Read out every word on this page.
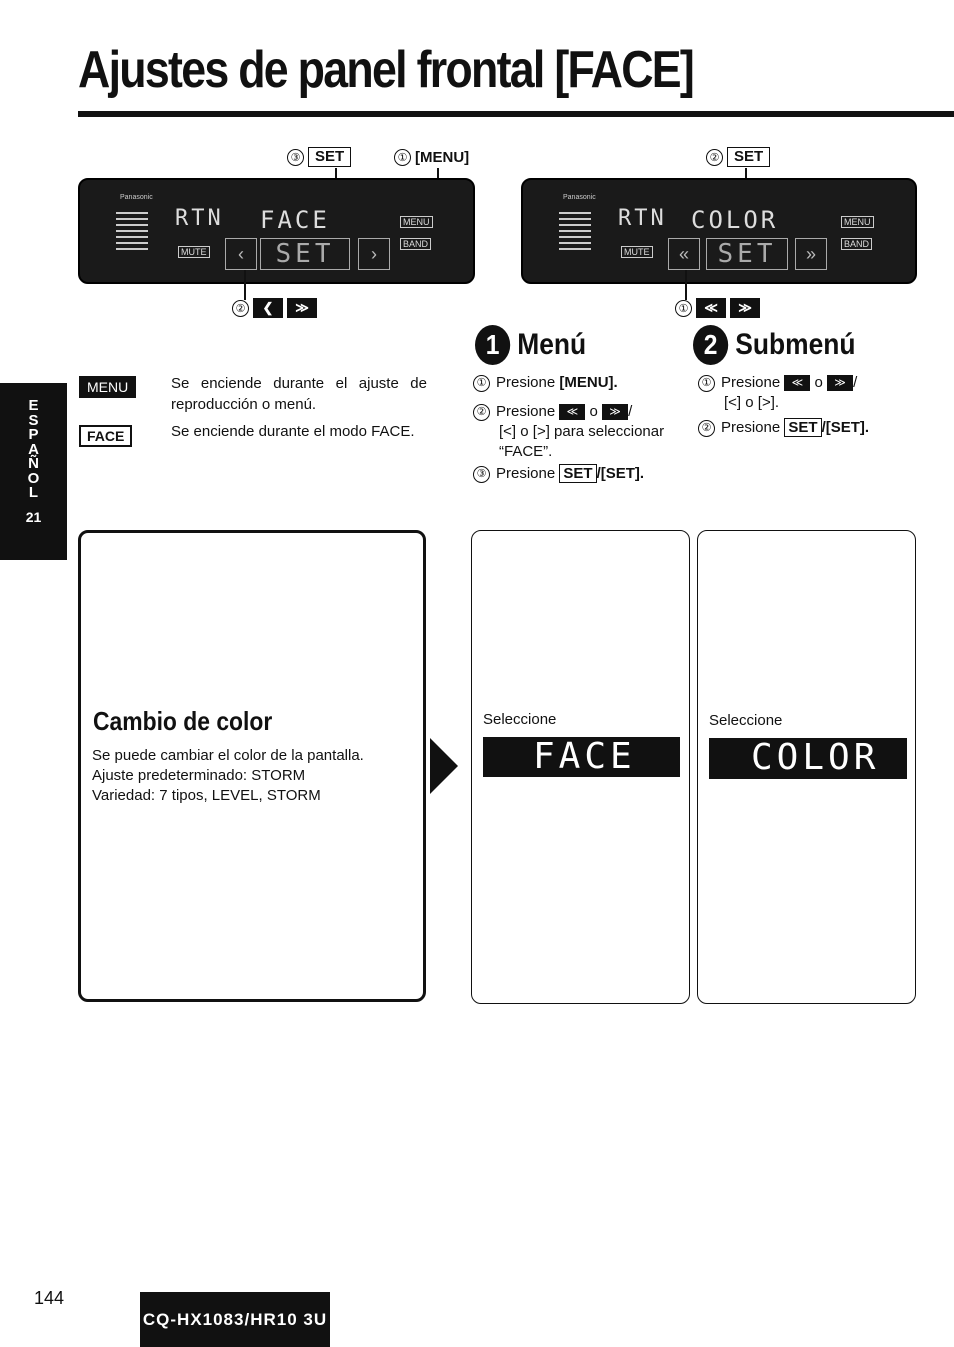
Ajustes de panel frontal [FACE]
E
S
P
A
Ñ
O
L
21
③ SET	① [MENU]
Panasonic
RTN FACE	MENU
BAND
MUTE	‹	SET	›
②	❮	≫
② SET
Panasonic
RTN COLOR	MENU
BAND
MUTE	«	SET	»
①	≪	≫
MENU	Se enciende durante el ajuste de reproducción o menú.
FACE	Se enciende durante el modo FACE.
1 Menú
① Presione [MENU].
② Presione ≪ o ≫ /
[<] o [>] para seleccionar
“FACE”.
③ Presione SET /[SET].
2 Submenú
① Presione ≪ o ≫ /
[<] o [>].
② Presione SET /[SET].
Cambio de color
Se puede cambiar el color de la pantalla.
Ajuste predeterminado: STORM
Variedad: 7 tipos, LEVEL, STORM
Seleccione
FACE
Seleccione
COLOR
144
CQ-HX1083/HR10 3U
